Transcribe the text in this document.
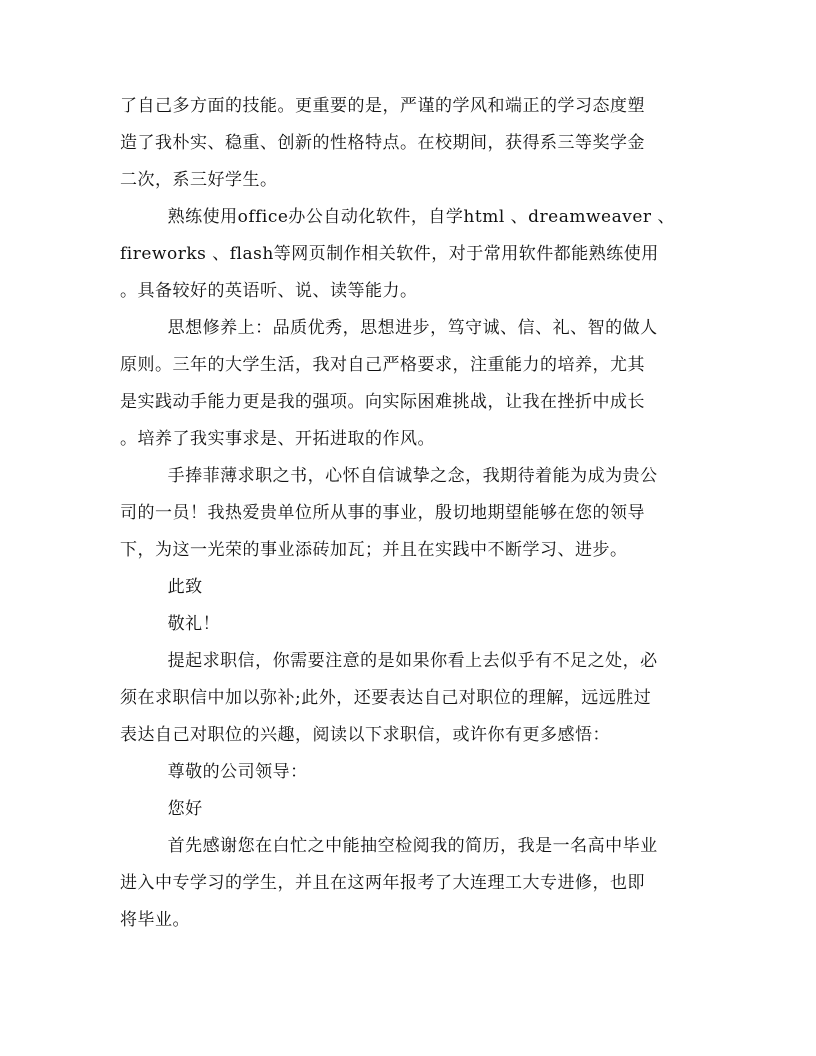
了自己多方面的技能。更重要的是，严谨的学风和端正的学习态度塑
造了我朴实、稳重、创新的性格特点。在校期间，获得系三等奖学金
二次，系三好学生。

熟练使用office办公自动化软件，自学html 、dreamweaver 、
fireworks 、flash等网页制作相关软件，对于常用软件都能熟练使用
。具备较好的英语听、说、读等能力。

思想修养上：品质优秀，思想进步，笃守诚、信、礼、智的做人
原则。三年的大学生活，我对自己严格要求，注重能力的培养，尤其
是实践动手能力更是我的强项。向实际困难挑战，让我在挫折中成长
。培养了我实事求是、开拓进取的作风。

手捧菲薄求职之书，心怀自信诚挚之念，我期待着能为成为贵公
司的一员！我热爱贵单位所从事的事业，殷切地期望能够在您的领导
下，为这一光荣的事业添砖加瓦；并且在实践中不断学习、进步。

此致

敬礼！

提起求职信，你需要注意的是如果你看上去似乎有不足之处，必
须在求职信中加以弥补;此外，还要表达自己对职位的理解，远远胜过
表达自己对职位的兴趣，阅读以下求职信，或许你有更多感悟：

尊敬的公司领导：

您好

首先感谢您在白忙之中能抽空检阅我的简历，我是一名高中毕业
进入中专学习的学生，并且在这两年报考了大连理工大专进修，也即
将毕业。
